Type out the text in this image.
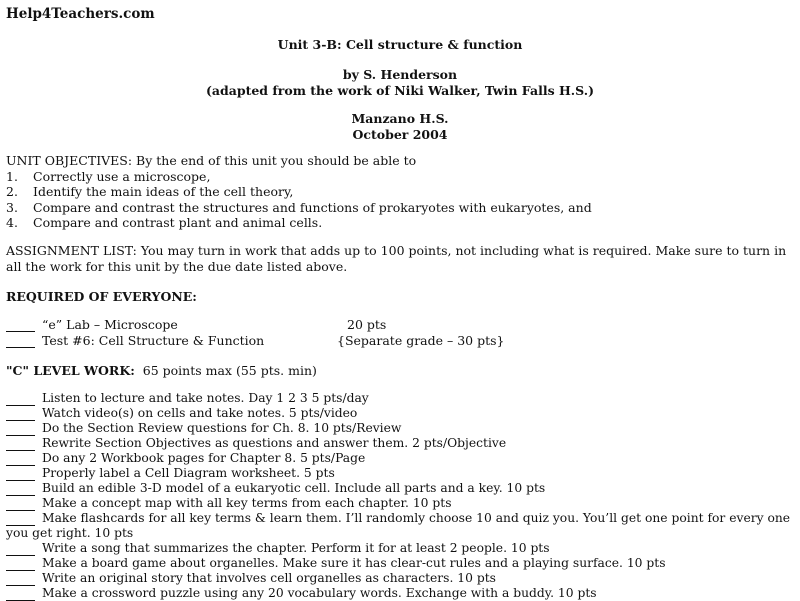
Help4Teachers.com
Unit 3-B: Cell structure & function
by S. Henderson
(adapted from the work of Niki Walker, Twin Falls H.S.)
Manzano H.S.
October 2004
UNIT OBJECTIVES: By the end of this unit you should be able to
1. Correctly use a microscope,
2. Identify the main ideas of the cell theory,
3. Compare and contrast the structures and functions of prokaryotes with eukaryotes, and
4. Compare and contrast plant and animal cells.
ASSIGNMENT LIST: You may turn in work that adds up to 100 points, not including what is required. Make sure to turn in all the work for this unit by the due date listed above.
REQUIRED OF EVERYONE:
“e” Lab – Microscope	20 pts
Test #6: Cell Structure & Function	{Separate grade – 30 pts}
"C" LEVEL WORK: 65 points max (55 pts. min)
Listen to lecture and take notes. Day 1 2 3 5 pts/day
Watch video(s) on cells and take notes. 5 pts/video
Do the Section Review questions for Ch. 8. 10 pts/Review
Rewrite Section Objectives as questions and answer them. 2 pts/Objective
Do any 2 Workbook pages for Chapter 8. 5 pts/Page
Properly label a Cell Diagram worksheet. 5 pts
Build an edible 3-D model of a eukaryotic cell. Include all parts and a key. 10 pts
Make a concept map with all key terms from each chapter. 10 pts
Make flashcards for all key terms & learn them. I’ll randomly choose 10 and quiz you. You’ll get one point for every one you get right. 10 pts
Write a song that summarizes the chapter. Perform it for at least 2 people. 10 pts
Make a board game about organelles. Make sure it has clear-cut rules and a playing surface. 10 pts
Write an original story that involves cell organelles as characters. 10 pts
Make a crossword puzzle using any 20 vocabulary words. Exchange with a buddy. 10 pts
